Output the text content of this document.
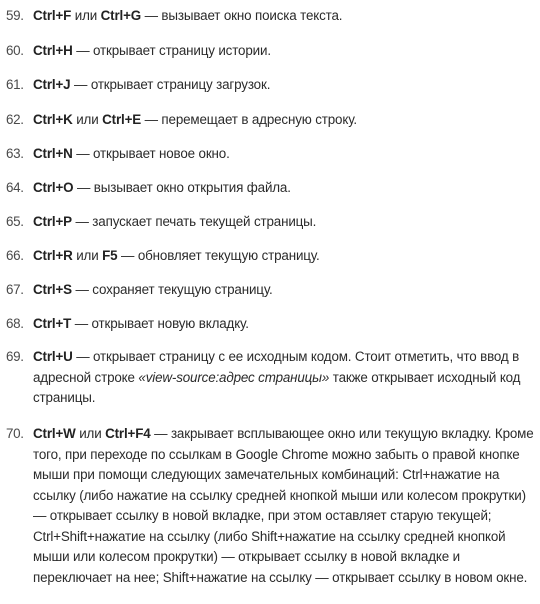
59. Ctrl+F или Ctrl+G — вызывает окно поиска текста.
60. Ctrl+H — открывает страницу истории.
61. Ctrl+J — открывает страницу загрузок.
62. Ctrl+K или Ctrl+E — перемещает в адресную строку.
63. Ctrl+N — открывает новое окно.
64. Ctrl+O — вызывает окно открытия файла.
65. Ctrl+P — запускает печать текущей страницы.
66. Ctrl+R или F5 — обновляет текущую страницу.
67. Ctrl+S — сохраняет текущую страницу.
68. Ctrl+T — открывает новую вкладку.
69. Ctrl+U — открывает страницу с ее исходным кодом. Стоит отметить, что ввод в адресной строке «view-source:адрес страницы» также открывает исходный код страницы.
70. Ctrl+W или Ctrl+F4 — закрывает всплывающее окно или текущую вкладку. Кроме того, при переходе по ссылкам в Google Chrome можно забыть о правой кнопке мыши при помощи следующих замечательных комбинаций: Ctrl+нажатие на ссылку (либо нажатие на ссылку средней кнопкой мыши или колесом прокрутки) — открывает ссылку в новой вкладке, при этом оставляет старую текущей; Ctrl+Shift+нажатие на ссылку (либо Shift+нажатие на ссылку средней кнопкой мыши или колесом прокрутки) — открывает ссылку в новой вкладке и переключает на нее; Shift+нажатие на ссылку — открывает ссылку в новом окне.
